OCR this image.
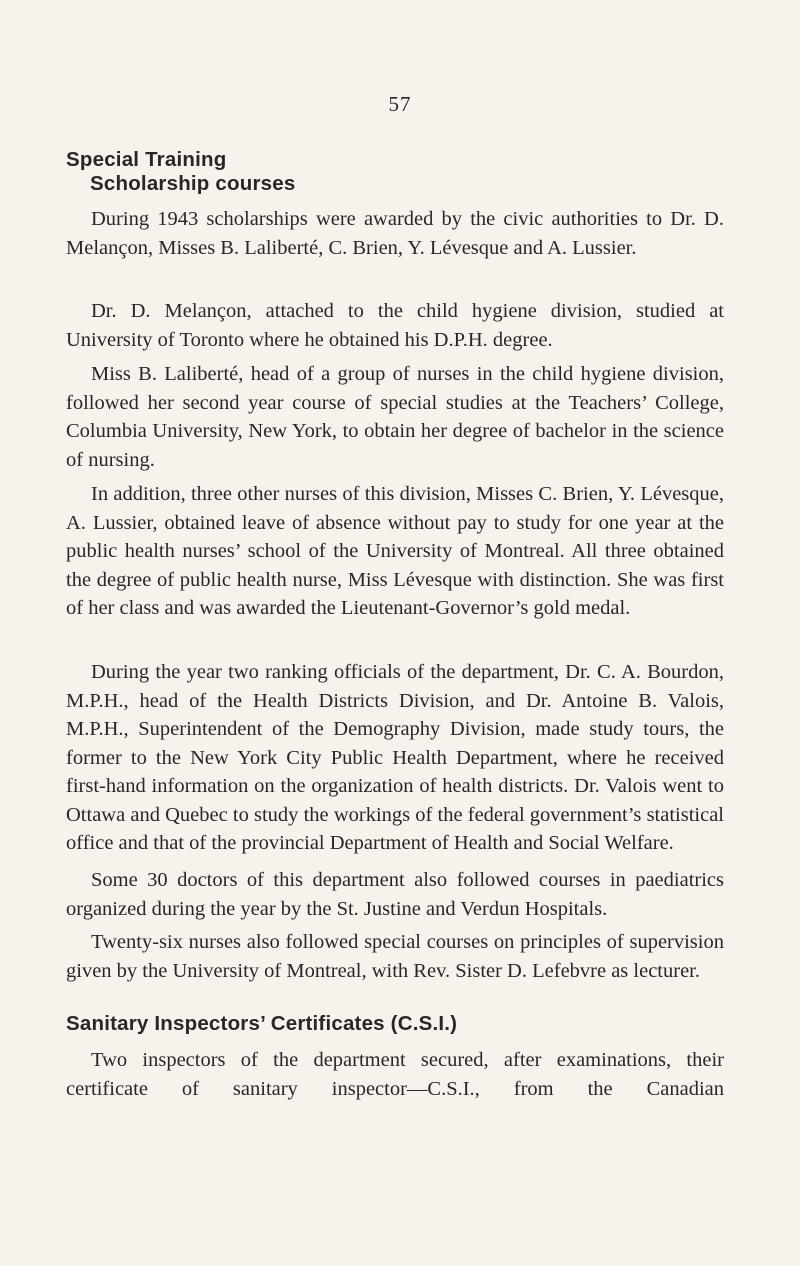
57
Special Training
Scholarship courses

During 1943 scholarships were awarded by the civic authorities to Dr. D. Melançon, Misses B. Laliberté, C. Brien, Y. Lévesque and A. Lussier.

Dr. D. Melançon, attached to the child hygiene division, studied at University of Toronto where he obtained his D.P.H. degree.

Miss B. Laliberté, head of a group of nurses in the child hygiene division, followed her second year course of special studies at the Teachers’ College, Columbia University, New York, to obtain her degree of bachelor in the science of nursing.

In addition, three other nurses of this division, Misses C. Brien, Y. Lévesque, A. Lussier, obtained leave of absence without pay to study for one year at the public health nurses’ school of the University of Montreal. All three obtained the degree of public health nurse, Miss Lévesque with distinction. She was first of her class and was awarded the Lieutenant-Governor’s gold medal.

During the year two ranking officials of the department, Dr. C. A. Bourdon, M.P.H., head of the Health Districts Division, and Dr. Antoine B. Valois, M.P.H., Superintendent of the Demography Division, made study tours, the former to the New York City Public Health Department, where he received first-hand information on the organization of health districts. Dr. Valois went to Ottawa and Quebec to study the workings of the federal government’s statistical office and that of the provincial Department of Health and Social Welfare.

Some 30 doctors of this department also followed courses in paediatrics organized during the year by the St. Justine and Verdun Hospitals.

Twenty-six nurses also followed special courses on principles of supervision given by the University of Montreal, with Rev. Sister D. Lefebvre as lecturer.

Sanitary Inspectors’ Certificates (C.S.I.)

Two inspectors of the department secured, after examinations, their certificate of sanitary inspector—C.S.I., from the Canadian
